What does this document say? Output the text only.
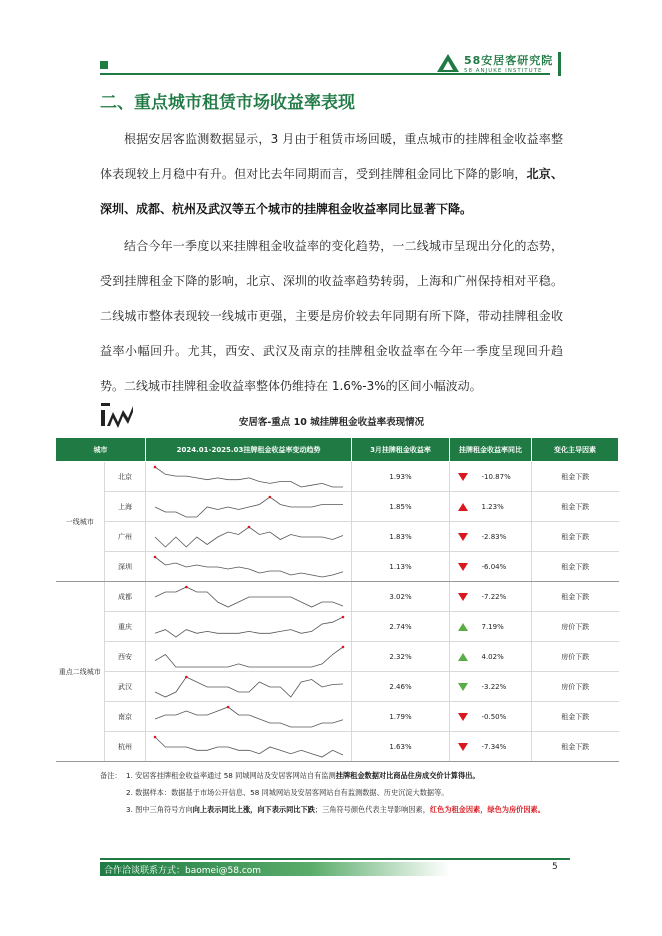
58安居客研究院
58 ANJUKE INSTITUTE
二、重点城市租赁市场收益率表现
根据安居客监测数据显示，3 月由于租赁市场回暖，重点城市的挂牌租金收益率整体表现较上月稳中有升。但对比去年同期而言，受到挂牌租金同比下降的影响，北京、深圳、成都、杭州及武汉等五个城市的挂牌租金收益率同比显著下降。
结合今年一季度以来挂牌租金收益率的变化趋势，一二线城市呈现出分化的态势，受到挂牌租金下降的影响，北京、深圳的收益率趋势转弱，上海和广州保持相对平稳。二线城市整体表现较一线城市更强，主要是房价较去年同期有所下降，带动挂牌租金收益率小幅回升。尤其，西安、武汉及南京的挂牌租金收益率在今年一季度呈现回升趋势。二线城市挂牌租金收益率整体仍维持在 1.6%-3%的区间小幅波动。
安居客-重点 10 城挂牌租金收益率表现情况
城市		2024.01-2025.03挂牌租金收益率变动趋势	3月挂牌租金收益率	挂牌租金收益率同比	变化主导因素
一线城市	北京		1.93%	-10.87%	租金下跌
	上海		1.85%	1.23%	租金下跌
	广州		1.83%	-2.83%	租金下跌
	深圳		1.13%	-6.04%	租金下跌
重点二线城市	成都		3.02%	-7.22%	租金下跌
	重庆		2.74%	7.19%	房价下跌
	西安		2.32%	4.02%	房价下跌
	武汉		2.46%	-3.22%	房价下跌
	南京		1.79%	-0.50%	租金下跌
	杭州		1.63%	-7.34%	租金下跌
备注： 1. 安居客挂牌租金收益率通过 58 同城网站及安居客网站自有监测挂牌租金数据对比商品住房成交价计算得出。
2. 数据样本：数据基于市场公开信息、58 同城网站及安居客网站自有监测数据、历史沉淀大数据等。
3. 图中三角符号方向向上表示同比上涨，向下表示同比下跌；三角符号颜色代表主导影响因素，红色为租金因素，绿色为房价因素。
合作洽谈联系方式：baomei@58.com	5
